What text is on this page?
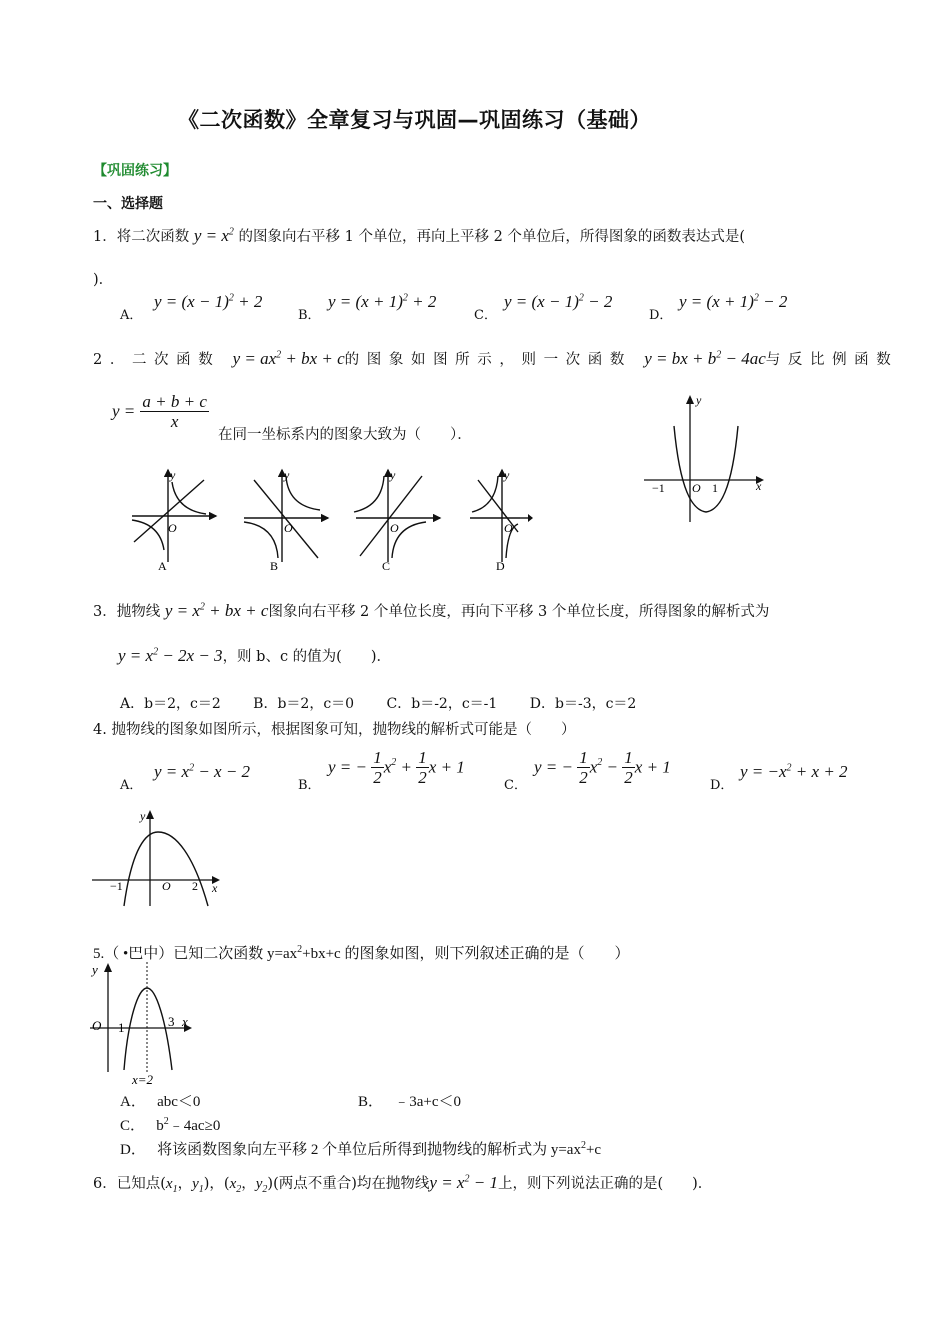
《二次函数》全章复习与巩固—巩固练习（基础）
【巩固练习】
一、选择题
1．将二次函数 $y = x^2$ 的图象向右平移 1 个单位，再向上平移 2 个单位后，所得图象的函数表达式是(
)．
A．
$y = (x - 1)^2 + 2$
B．
$y = (x + 1)^2 + 2$
C．
$y = (x - 1)^2 - 2$
D．
$y = (x + 1)^2 - 2$
2．二次函数 $y = ax^2$ + bx + c的图象如图所示，则一次函数 y = bx + $b^2 - 4ac$与反比例函数
$y = \frac{a + b + c}{x}$
在同一坐标系内的图象大致为（　　）．
y
O
A
y
O
B
y
O
C
y
O
D
y
x
−1 O 1
3．抛物线 $y = x^2$ + bx + c图象向右平移 2 个单位长度，再向下平移 3 个单位长度，所得图象的解析式为
$y = x^2 - 2x - 3$，则 b、c 的值为(　　)．
A．b＝2，c＝2　　 B．b＝2，c＝0　　 C．b＝-2，c＝-1　　 D．b＝-3，c＝2
4. 抛物线的图象如图所示，根据图象可知，抛物线的解析式可能是（　　）
A．
$y = x^2 - x - 2$
B．
y = − $\frac{1}{2} x^2 + \frac{1}{2}$ x + 1
C．
y = − $\frac{1}{2} x^2 - \frac{1}{2}$ x + 1
D．
$y = -x^2 + x + 2$
y
x
−1	O 2
5.（ •巴中）已知二次函数 $y=ax^2+bx+c$ 的图象如图，则下列叙述正确的是（　　）
y
x
O 1	3
x=2
A． abc＜0	B． ﹣3a+c＜0
C． $b^2﹣4ac\ge 0$
D． 将该函数图象向左平移 2 个单位后所得到抛物线的解析式为 $y=ax^2+c$
6．已知点($x_1$，$y_1$)，($x_2$，$y_2$)(两点不重合)均在抛物线$y = x^2 - 1$上，则下列说法正确的是(　　)．
